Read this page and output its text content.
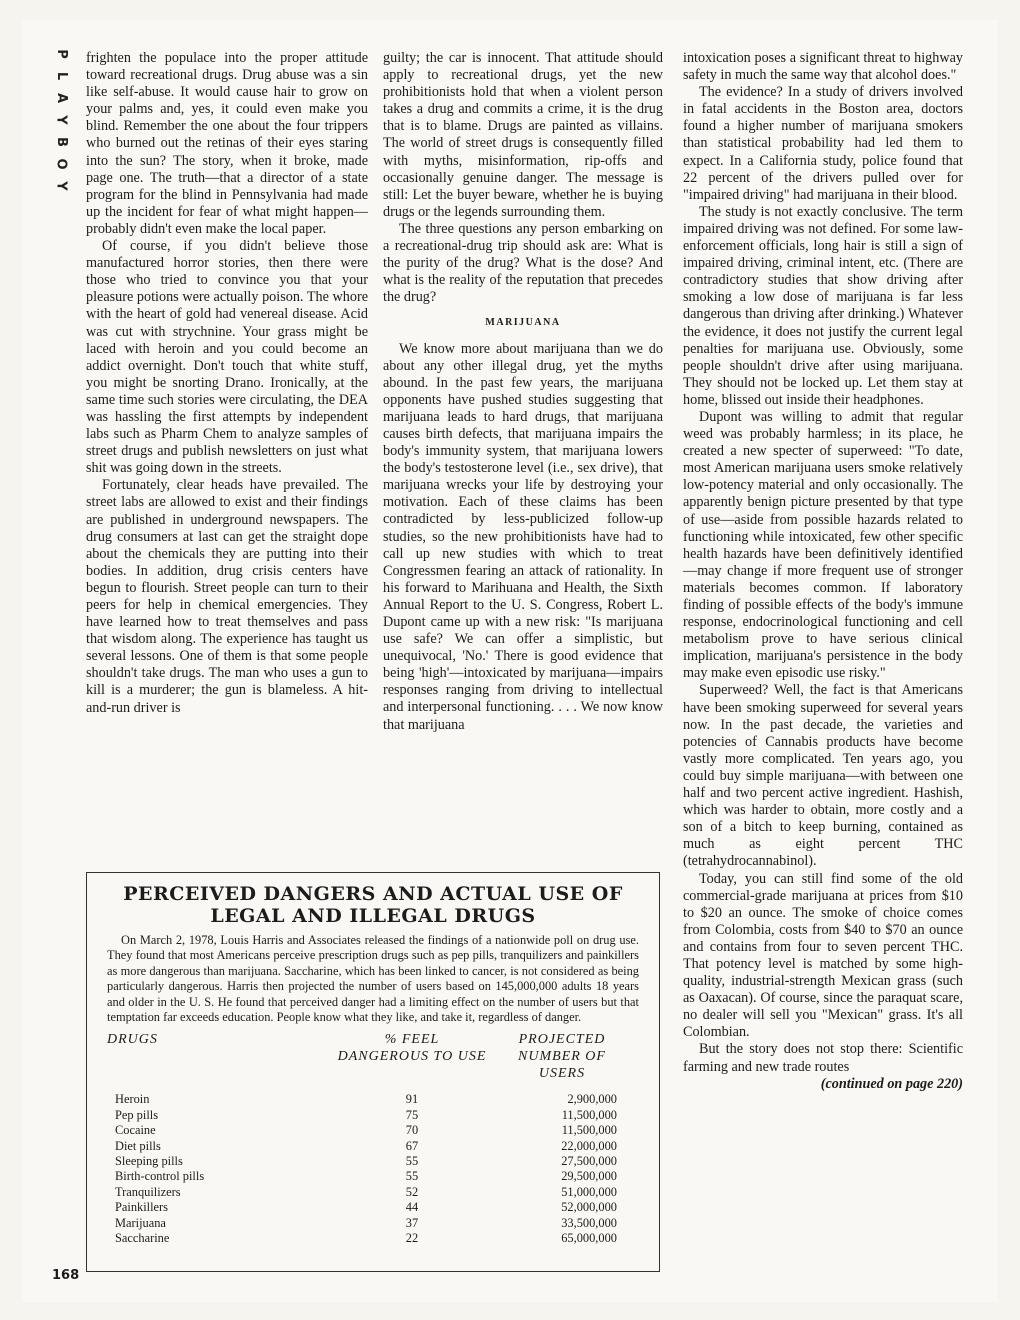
P
L
A
Y
B
O
Y

frighten the populace into the proper attitude toward recreational drugs. Drug abuse was a sin like self-abuse. It would cause hair to grow on your palms and, yes, it could even make you blind. Remember the one about the four trippers who burned out the retinas of their eyes staring into the sun? The story, when it broke, made page one. The truth—that a director of a state program for the blind in Pennsylvania had made up the incident for fear of what might happen—probably didn't even make the local paper.

Of course, if you didn't believe those manufactured horror stories, then there were those who tried to convince you that your pleasure potions were actually poison. The whore with the heart of gold had venereal disease. Acid was cut with strychnine. Your grass might be laced with heroin and you could become an addict overnight. Don't touch that white stuff, you might be snorting Drano. Ironically, at the same time such stories were circulating, the DEA was hassling the first attempts by independent labs such as Pharm Chem to analyze samples of street drugs and publish newsletters on just what shit was going down in the streets.

Fortunately, clear heads have prevailed. The street labs are allowed to exist and their findings are published in underground newspapers. The drug consumers at last can get the straight dope about the chemicals they are putting into their bodies. In addition, drug crisis centers have begun to flourish. Street people can turn to their peers for help in chemical emergencies. They have learned how to treat themselves and pass that wisdom along. The experience has taught us several lessons. One of them is that some people shouldn't take drugs. The man who uses a gun to kill is a murderer; the gun is blameless. A hit-and-run driver is

guilty; the car is innocent. That attitude should apply to recreational drugs, yet the new prohibitionists hold that when a violent person takes a drug and commits a crime, it is the drug that is to blame. Drugs are painted as villains. The world of street drugs is consequently filled with myths, misinformation, rip-offs and occasionally genuine danger. The message is still: Let the buyer beware, whether he is buying drugs or the legends surrounding them.

The three questions any person embarking on a recreational-drug trip should ask are: What is the purity of the drug? What is the dose? And what is the reality of the reputation that precedes the drug?

MARIJUANA

We know more about marijuana than we do about any other illegal drug, yet the myths abound. In the past few years, the marijuana opponents have pushed studies suggesting that marijuana leads to hard drugs, that marijuana causes birth defects, that marijuana impairs the body's immunity system, that marijuana lowers the body's testosterone level (i.e., sex drive), that marijuana wrecks your life by destroying your motivation. Each of these claims has been contradicted by less-publicized follow-up studies, so the new prohibitionists have had to call up new studies with which to treat Congressmen fearing an attack of rationality. In his forward to Marihuana and Health, the Sixth Annual Report to the U. S. Congress, Robert L. Dupont came up with a new risk: "Is marijuana use safe? We can offer a simplistic, but unequivocal, 'No.' There is good evidence that being 'high'—intoxicated by marijuana—impairs responses ranging from driving to intellectual and interpersonal functioning. . . . We now know that marijuana

intoxication poses a significant threat to highway safety in much the same way that alcohol does."

The evidence? In a study of drivers involved in fatal accidents in the Boston area, doctors found a higher number of marijuana smokers than statistical probability had led them to expect. In a California study, police found that 22 percent of the drivers pulled over for "impaired driving" had marijuana in their blood.

The study is not exactly conclusive. The term impaired driving was not defined. For some law-enforcement officials, long hair is still a sign of impaired driving, criminal intent, etc. (There are contradictory studies that show driving after smoking a low dose of marijuana is far less dangerous than driving after drinking.) Whatever the evidence, it does not justify the current legal penalties for marijuana use. Obviously, some people shouldn't drive after using marijuana. They should not be locked up. Let them stay at home, blissed out inside their headphones.

Dupont was willing to admit that regular weed was probably harmless; in its place, he created a new specter of superweed: "To date, most American marijuana users smoke relatively low-potency material and only occasionally. The apparently benign picture presented by that type of use—aside from possible hazards related to functioning while intoxicated, few other specific health hazards have been definitively identified—may change if more frequent use of stronger materials becomes common. If laboratory finding of possible effects of the body's immune response, endocrinological functioning and cell metabolism prove to have serious clinical implication, marijuana's persistence in the body may make even episodic use risky."

Superweed? Well, the fact is that Americans have been smoking superweed for several years now. In the past decade, the varieties and potencies of Cannabis products have become vastly more complicated. Ten years ago, you could buy simple marijuana—with between one half and two percent active ingredient. Hashish, which was harder to obtain, more costly and a son of a bitch to keep burning, contained as much as eight percent THC (tetrahydrocannabinol).

Today, you can still find some of the old commercial-grade marijuana at prices from $10 to $20 an ounce. The smoke of choice comes from Colombia, costs from $40 to $70 an ounce and contains from four to seven percent THC. That potency level is matched by some high-quality, industrial-strength Mexican grass (such as Oaxacan). Of course, since the paraquat scare, no dealer will sell you "Mexican" grass. It's all Colombian.

But the story does not stop there: Scientific farming and new trade routes

(continued on page 220)
PERCEIVED DANGERS AND ACTUAL USE OF LEGAL AND ILLEGAL DRUGS

On March 2, 1978, Louis Harris and Associates released the findings of a nationwide poll on drug use. They found that most Americans perceive prescription drugs such as pep pills, tranquilizers and painkillers as more dangerous than marijuana. Saccharine, which has been linked to cancer, is not considered as being particularly dangerous. Harris then projected the number of users based on 145,000,000 adults 18 years and older in the U. S. He found that perceived danger had a limiting effect on the number of users but that temptation far exceeds education. People know what they like, and take it, regardless of danger.

DRUGS	% FEEL DANGEROUS TO USE
PROJECTED NUMBER OF USERS
Heroin	91	2,900,000
Pep pills	75	11,500,000
Cocaine	70	11,500,000
Diet pills	67	22,000,000
Sleeping pills	55	27,500,000
Birth-control pills	55	29,500,000
Tranquilizers	52	51,000,000
Painkillers	44	52,000,000
Marijuana	37	33,500,000
Saccharine	22	65,000,000
168
